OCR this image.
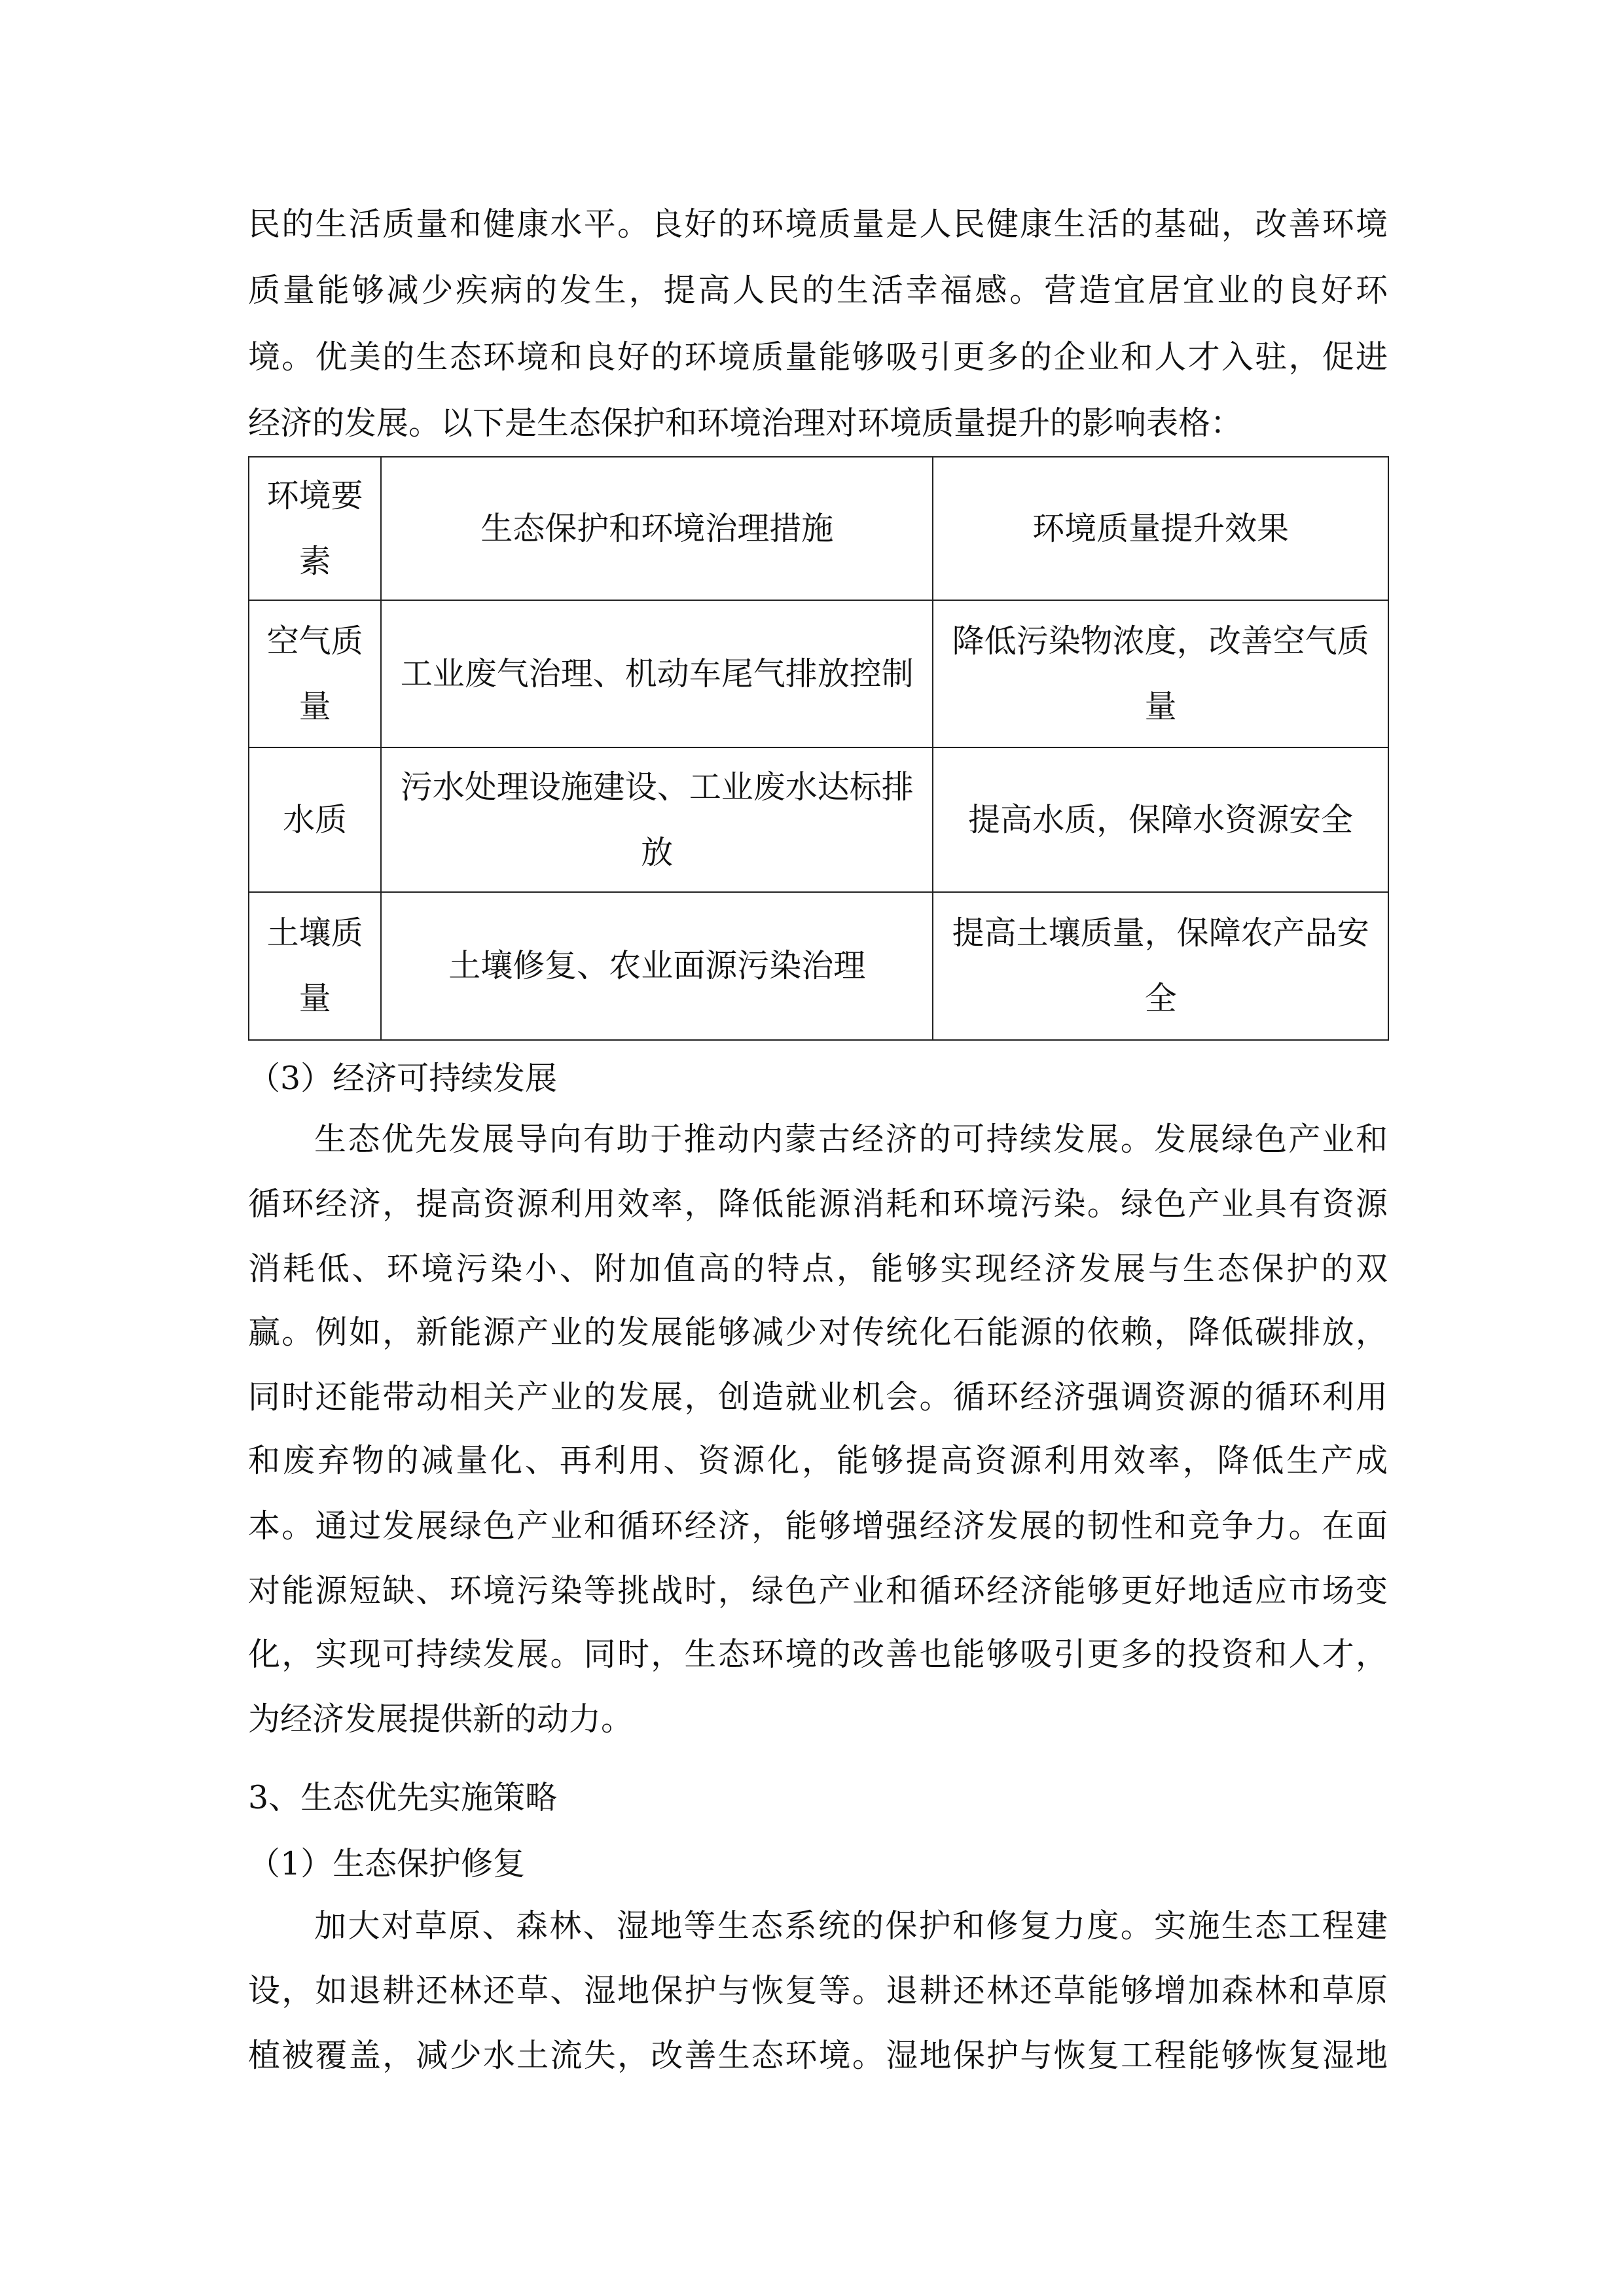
民的生活质量和健康水平。良好的环境质量是人民健康生活的基础，改善环境
质量能够减少疾病的发生，提高人民的生活幸福感。营造宜居宜业的良好环
境。优美的生态环境和良好的环境质量能够吸引更多的企业和人才入驻，促进
经济的发展。以下是生态保护和环境治理对环境质量提升的影响表格：
环境要素	生态保护和环境治理措施	环境质量提升效果
空气质量	工业废气治理、机动车尾气排放控制	降低污染物浓度，改善空气质量
水质	污水处理设施建设、工业废水达标排放	提高水质，保障水资源安全
土壤质量	土壤修复、农业面源污染治理	提高土壤质量，保障农产品安全
（3）经济可持续发展
生态优先发展导向有助于推动内蒙古经济的可持续发展。发展绿色产业和
循环经济，提高资源利用效率，降低能源消耗和环境污染。绿色产业具有资源
消耗低、环境污染小、附加值高的特点，能够实现经济发展与生态保护的双
赢。例如，新能源产业的发展能够减少对传统化石能源的依赖，降低碳排放，
同时还能带动相关产业的发展，创造就业机会。循环经济强调资源的循环利用
和废弃物的减量化、再利用、资源化，能够提高资源利用效率，降低生产成
本。通过发展绿色产业和循环经济，能够增强经济发展的韧性和竞争力。在面
对能源短缺、环境污染等挑战时，绿色产业和循环经济能够更好地适应市场变
化，实现可持续发展。同时，生态环境的改善也能够吸引更多的投资和人才，
为经济发展提供新的动力。
3、生态优先实施策略
（1）生态保护修复
加大对草原、森林、湿地等生态系统的保护和修复力度。实施生态工程建
设，如退耕还林还草、湿地保护与恢复等。退耕还林还草能够增加森林和草原
植被覆盖，减少水土流失，改善生态环境。湿地保护与恢复工程能够恢复湿地
